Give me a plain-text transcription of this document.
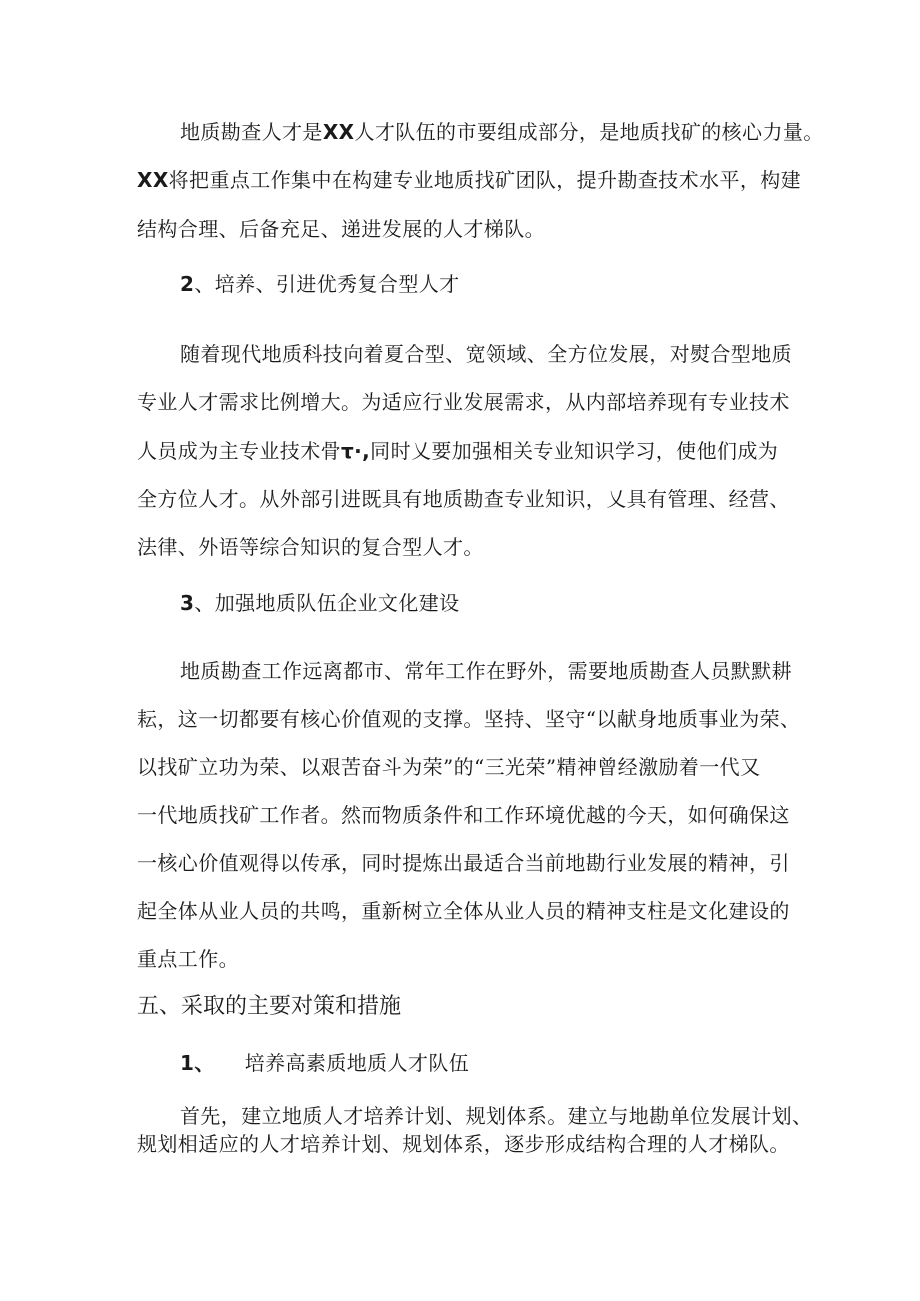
地质勘查人才是XX人才队伍的市要组成部分，是地质找矿的核心力量。
XX将把重点工作集中在构建专业地质找矿团队，提升勘查技术水平，构建
结构合理、后备充足、递进发展的人才梯队。
2、培养、引进优秀复合型人才
随着现代地质科技向着夏合型、宽领域、全方位发展，对熨合型地质
专业人才需求比例增大。为适应行业发展需求，从内部培养现有专业技术
人员成为主专业技术骨τ·,同时乂要加强相关专业知识学习，使他们成为
全方位人才。从外部引进既具有地质勘查专业知识，乂具有管理、经营、
法律、外语等综合知识的复合型人才。
3、加强地质队伍企业文化建设
地质勘查工作远离都市、常年工作在野外，需要地质勘查人员默默耕
耘，这一切都要有核心价值观的支撑。坚持、坚守“以献身地质事业为荣、
以找矿立功为荣、以艰苦奋斗为荣”的“三光荣”精神曾经激励着一代又
一代地质找矿工作者。然而物质条件和工作环境优越的今天，如何确保这
一核心价值观得以传承，同时提炼出最适合当前地勘行业发展的精神，引
起全体从业人员的共鸣，重新树立全体从业人员的精神支柱是文化建设的
重点工作。
五、采取的主要对策和措施
1、 培养高素质地质人才队伍
首先，建立地质人才培养计划、规划体系。建立与地勘单位发展计划、
规划相适应的人才培养计划、规划体系，逐步形成结构合理的人才梯队。
